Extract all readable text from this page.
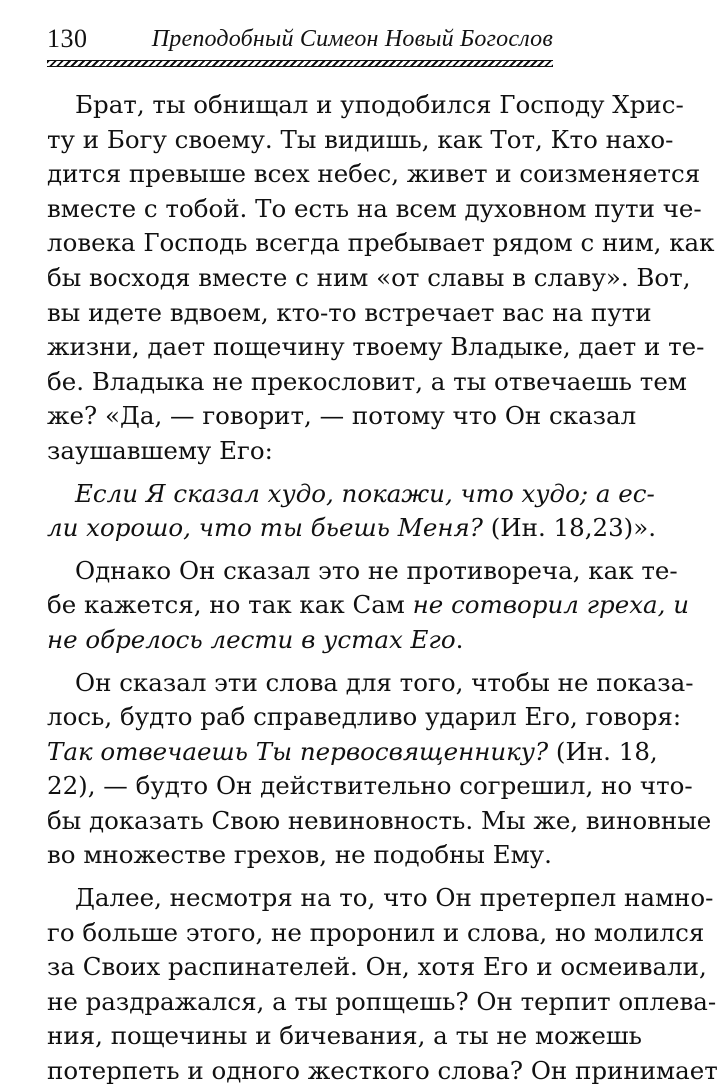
130	Преподобный Симеон Новый Богослов
Брат, ты обнищал и уподобился Господу Хрис-
ту и Богу своему. Ты видишь, как Тот, Кто нахо-
дится превыше всех небес, живет и соизменяется
вместе с тобой. То есть на всем духовном пути че-
ловека Господь всегда пребывает рядом с ним, как
бы восходя вместе с ним «от славы в славу». Вот,
вы идете вдвоем, кто-то встречает вас на пути
жизни, дает пощечину твоему Владыке, дает и те-
бе. Владыка не прекословит, а ты отвечаешь тем
же? «Да, — говорит, — потому что Он сказал
заушавшему Его:
Если Я сказал худо, покажи, что худо; а ес-
ли хорошо, что ты бьешь Меня? (Ин. 18,23)».
Однако Он сказал это не противореча, как те-
бе кажется, но так как Сам не сотворил греха, и
не обрелось лести в устах Его.
Он сказал эти слова для того, чтобы не показа-
лось, будто раб справедливо ударил Его, говоря:
Так отвечаешь Ты первосвященнику? (Ин. 18,
22), — будто Он действительно согрешил, но что-
бы доказать Свою невиновность. Мы же, виновные
во множестве грехов, не подобны Ему.
Далее, несмотря на то, что Он претерпел намно-
го больше этого, не проронил и слова, но молился
за Своих распинателей. Он, хотя Его и осмеивали,
не раздражался, а ты ропщешь? Он терпит оплева-
ния, пощечины и бичевания, а ты не можешь
потерпеть и одного жесткого слова? Он принимает
